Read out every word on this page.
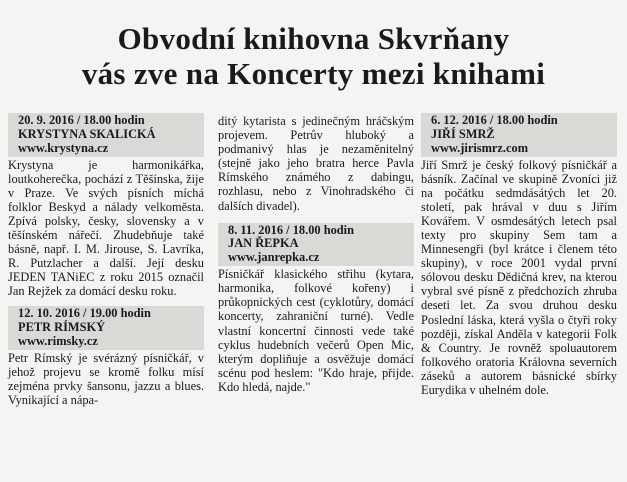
Obvodní knihovna Skvrňany
vás zve na Koncerty mezi knihami
20. 9. 2016 / 18.00 hodin
KRYSTYNA SKALICKÁ
www.krystyna.cz
Krystyna je harmonikářka, loutkoherečka, pochází z Těšínska, žije v Praze. Ve svých písních míchá folklor Beskyd a nálady velkoměsta. Zpívá polsky, česky, slovensky a v těšínském nářečí. Zhudebňuje také básně, např. I. M. Jirouse, S. Lavríka, R. Putzlacher a další. Její desku JEDEN TANiEC z roku 2015 označil Jan Rejžek za domácí desku roku.
12. 10. 2016 / 19.00 hodin
PETR RÍMSKÝ
www.rimsky.cz
Petr Rímský je svérázný písničkář, v jehož projevu se kromě folku mísí zejména prvky šansonu, jazzu a blues. Vynikající a nápa-
ditý kytarista s jedinečným hráčským projevem. Petrův hluboký a podmanivý hlas je nezaměnitelný (stejně jako jeho bratra herce Pavla Rímského známého z dabingu, rozhlasu, nebo z Vinohradského či dalších divadel).
8. 11. 2016 / 18.00 hodin
JAN ŘEPKA
www.janrepka.cz
Písničkář klasického střihu (kytara, harmonika, folkové kořeny) i průkopnických cest (cyklotůry, domácí koncerty, zahraniční turné). Vedle vlastní koncertní činnosti vede také cyklus hudebních večerů Open Mic, kterým dopliňuje a osvěžuje domácí scénu pod heslem: "Kdo hraje, přijde. Kdo hledá, najde."
6. 12. 2016 / 18.00 hodin
JIŘÍ SMRŽ
www.jirismrz.com
Jiří Smrž je český folkový písničkář a básník. Začínal ve skupině Zvoníci již na počátku sedmdásátých let 20. století, pak hrával v duu s Jiřím Kovářem. V osmdesátých letech psal texty pro skupiny Sem tam a Minnesengři (byl krátce i členem této skupiny), v roce 2001 vydal první sólovou desku Dědičná krev, na kterou vybral své písně z předchozích zhruba deseti let. Za svou druhou desku Poslední láska, která vyšla o čtyři roky později, získal Anděla v kategorii Folk & Country. Je rovněž spoluautorem folkového oratoria Královna severních záseků a autorem básnické sbírky Eurydika v uhelném dole.
